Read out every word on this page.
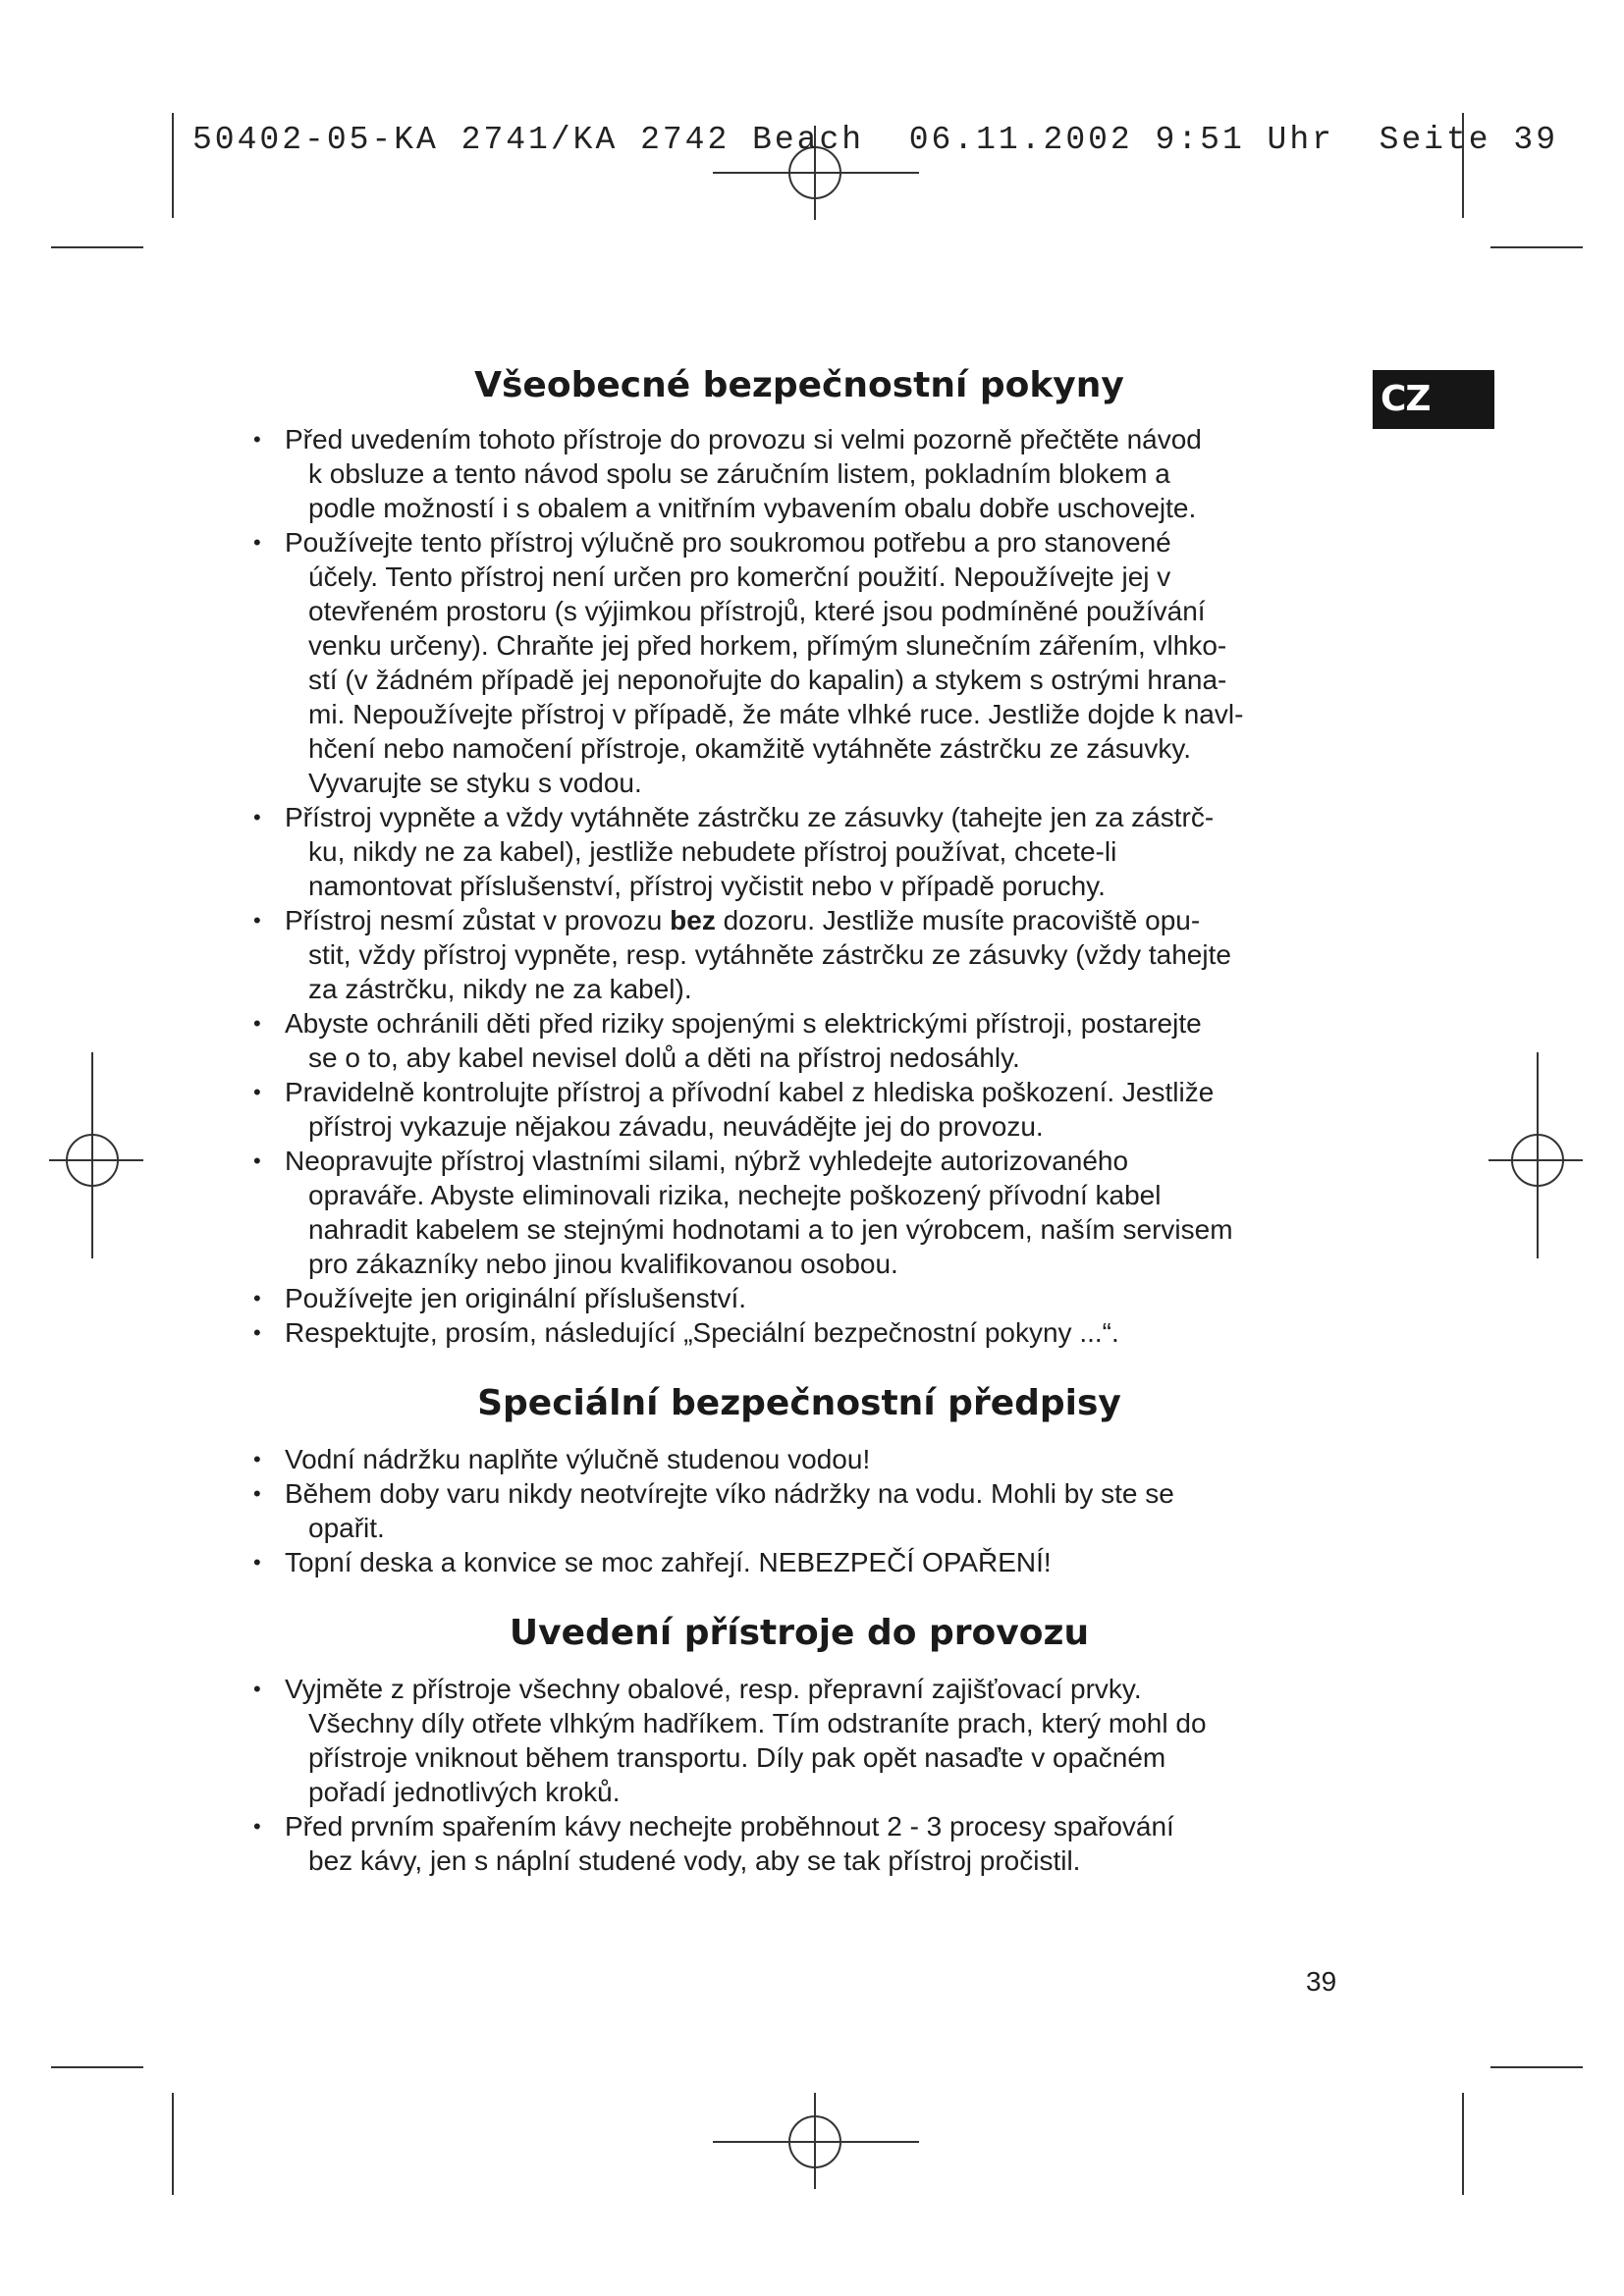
50402-05-KA 2741/KA 2742 Beach  06.11.2002 9:51 Uhr  Seite 39
CZ
Všeobecné bezpečnostní pokyny
• Před uvedením tohoto přístroje do provozu si velmi pozorně přečtěte návod
k obsluze a tento návod spolu se záručním listem, pokladním blokem a
podle možností i s obalem a vnitřním vybavením obalu dobře uschovejte.
• Používejte tento přístroj výlučně pro soukromou potřebu a pro stanovené
účely. Tento přístroj není určen pro komerční použití. Nepoužívejte jej v
otevřeném prostoru (s výjimkou přístrojů, které jsou podmíněné používání
venku určeny). Chraňte jej před horkem, přímým slunečním zářením, vlhko-
stí (v žádném případě jej neponořujte do kapalin) a stykem s ostrými hrana-
mi. Nepoužívejte přístroj v případě, že máte vlhké ruce. Jestliže dojde k navl-
hčení nebo namočení přístroje, okamžitě vytáhněte zástrčku ze zásuvky.
Vyvarujte se styku s vodou.
• Přístroj vypněte a vždy vytáhněte zástrčku ze zásuvky (tahejte jen za zástrč-
ku, nikdy ne za kabel), jestliže nebudete přístroj používat, chcete-li
namontovat příslušenství, přístroj vyčistit nebo v případě poruchy.
• Přístroj nesmí zůstat v provozu bez dozoru. Jestliže musíte pracoviště opu-
stit, vždy přístroj vypněte, resp. vytáhněte zástrčku ze zásuvky (vždy tahejte
za zástrčku, nikdy ne za kabel).
• Abyste ochránili děti před riziky spojenými s elektrickými přístroji, postarejte
se o to, aby kabel nevisel dolů a děti na přístroj nedosáhly.
• Pravidelně kontrolujte přístroj a přívodní kabel z hlediska poškození. Jestliže
přístroj vykazuje nějakou závadu, neuvádějte jej do provozu.
• Neopravujte přístroj vlastními silami, nýbrž vyhledejte autorizovaného
opraváře. Abyste eliminovali rizika, nechejte poškozený přívodní kabel
nahradit kabelem se stejnými hodnotami a to jen výrobcem, naším servisem
pro zákazníky nebo jinou kvalifikovanou osobou.
• Používejte jen originální příslušenství.
• Respektujte, prosím, následující „Speciální bezpečnostní pokyny ...“.
Speciální bezpečnostní předpisy
• Vodní nádržku naplňte výlučně studenou vodou!
• Během doby varu nikdy neotvírejte víko nádržky na vodu. Mohli by ste se
opařit.
• Topní deska a konvice se moc zahřejí. NEBEZPEČÍ OPAŘENÍ!
Uvedení přístroje do provozu
• Vyjměte z přístroje všechny obalové, resp. přepravní zajišťovací prvky.
Všechny díly otřete vlhkým hadříkem. Tím odstraníte prach, který mohl do
přístroje vniknout během transportu. Díly pak opět nasaďte v opačném
pořadí jednotlivých kroků.
• Před prvním spařením kávy nechejte proběhnout 2 - 3 procesy spařování
bez kávy, jen s náplní studené vody, aby se tak přístroj pročistil.
39
